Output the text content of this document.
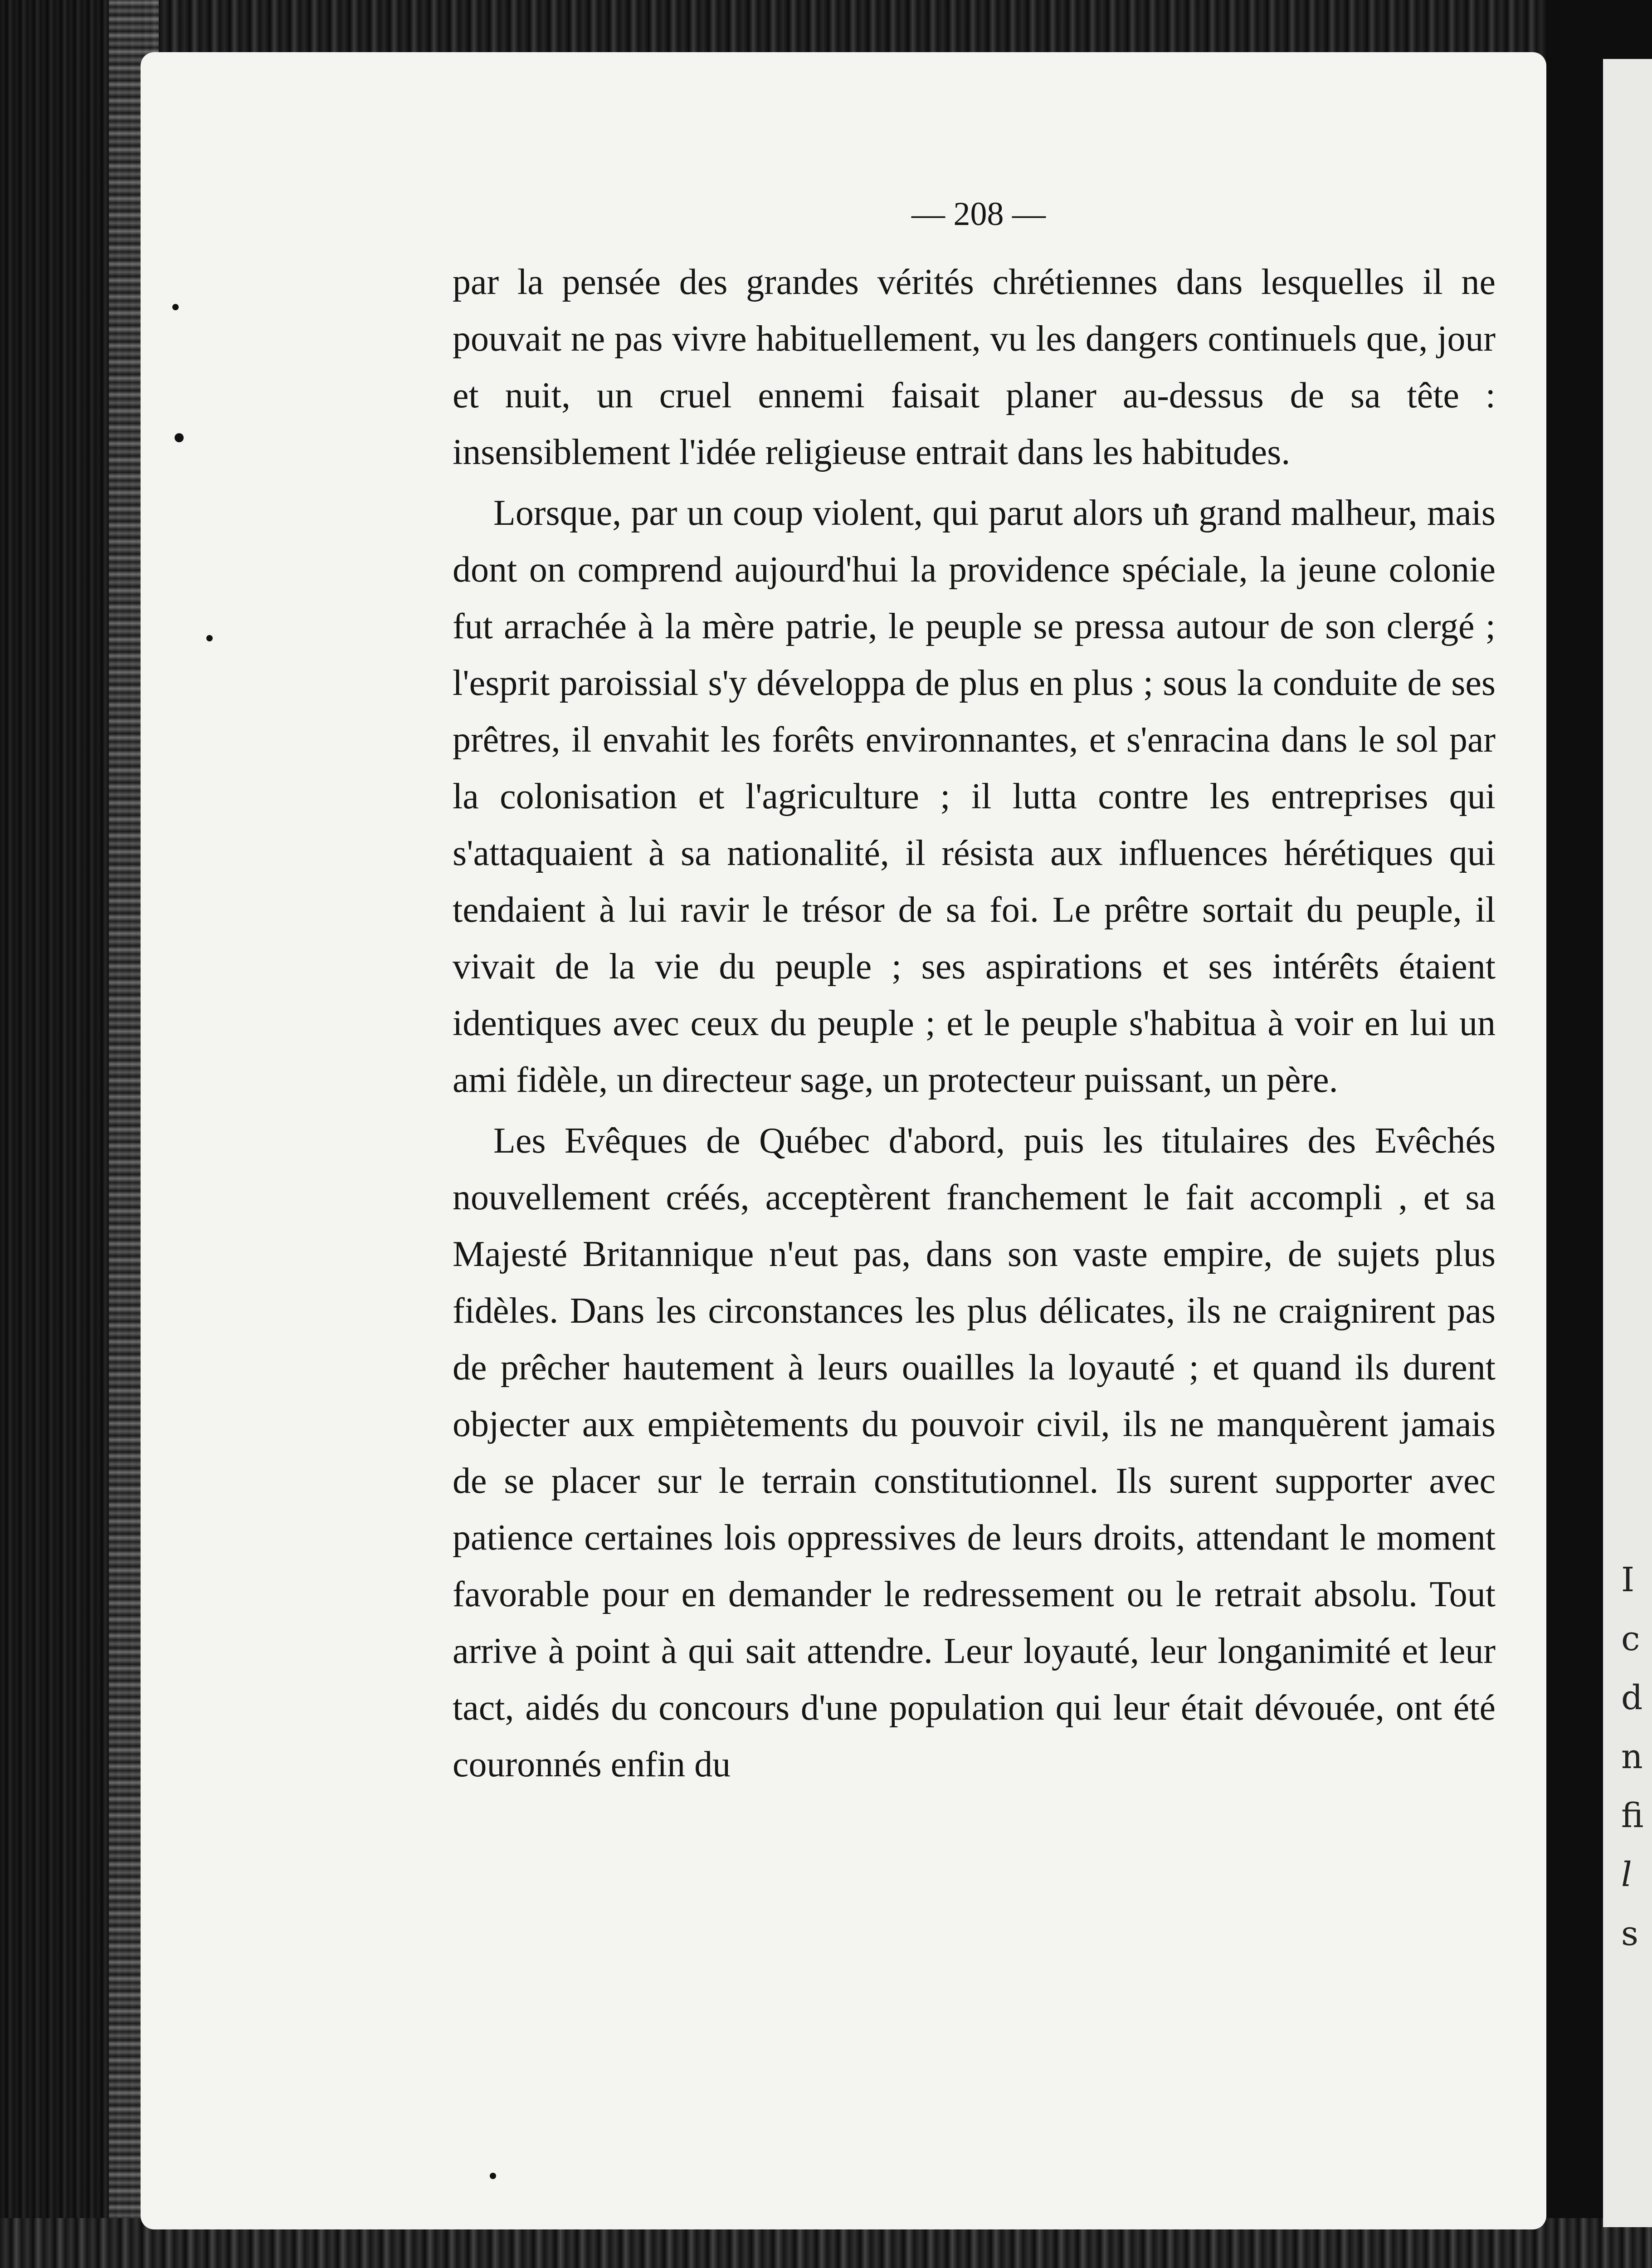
I
c
d
n
fi
l
s
— 208 —

par la pensée des grandes vérités chrétiennes dans lesquelles il ne pouvait ne pas vivre habituellement, vu les dangers continuels que, jour et nuit, un cruel ennemi faisait planer au-dessus de sa tête : insensiblement l'idée religieuse entrait dans les habitudes.

Lorsque, par un coup violent, qui parut alors un grand malheur, mais dont on comprend aujourd'hui la providence spéciale, la jeune colonie fut arrachée à la mère patrie, le peuple se pressa autour de son clergé ; l'esprit paroissial s'y développa de plus en plus ; sous la conduite de ses prêtres, il envahit les forêts environnantes, et s'enracina dans le sol par la colonisation et l'agriculture ; il lutta contre les entreprises qui s'attaquaient à sa nationalité, il résista aux influences hérétiques qui tendaient à lui ravir le trésor de sa foi. Le prêtre sortait du peuple, il vivait de la vie du peuple ; ses aspirations et ses intérêts étaient identiques avec ceux du peuple ; et le peuple s'habitua à voir en lui un ami fidèle, un directeur sage, un protecteur puissant, un père.

Les Evêques de Québec d'abord, puis les titulaires des Evêchés nouvellement créés, acceptèrent franchement le fait accompli , et sa Majesté Britannique n'eut pas, dans son vaste empire, de sujets plus fidèles. Dans les circonstances les plus délicates, ils ne craignirent pas de prêcher hautement à leurs ouailles la loyauté ; et quand ils durent objecter aux empiètements du pouvoir civil, ils ne manquèrent jamais de se placer sur le terrain constitutionnel. Ils surent supporter avec patience certaines lois oppressives de leurs droits, attendant le moment favorable pour en demander le redressement ou le retrait absolu. Tout arrive à point à qui sait attendre. Leur loyauté, leur longanimité et leur tact, aidés du concours d'une population qui leur était dévouée, ont été couronnés enfin du
